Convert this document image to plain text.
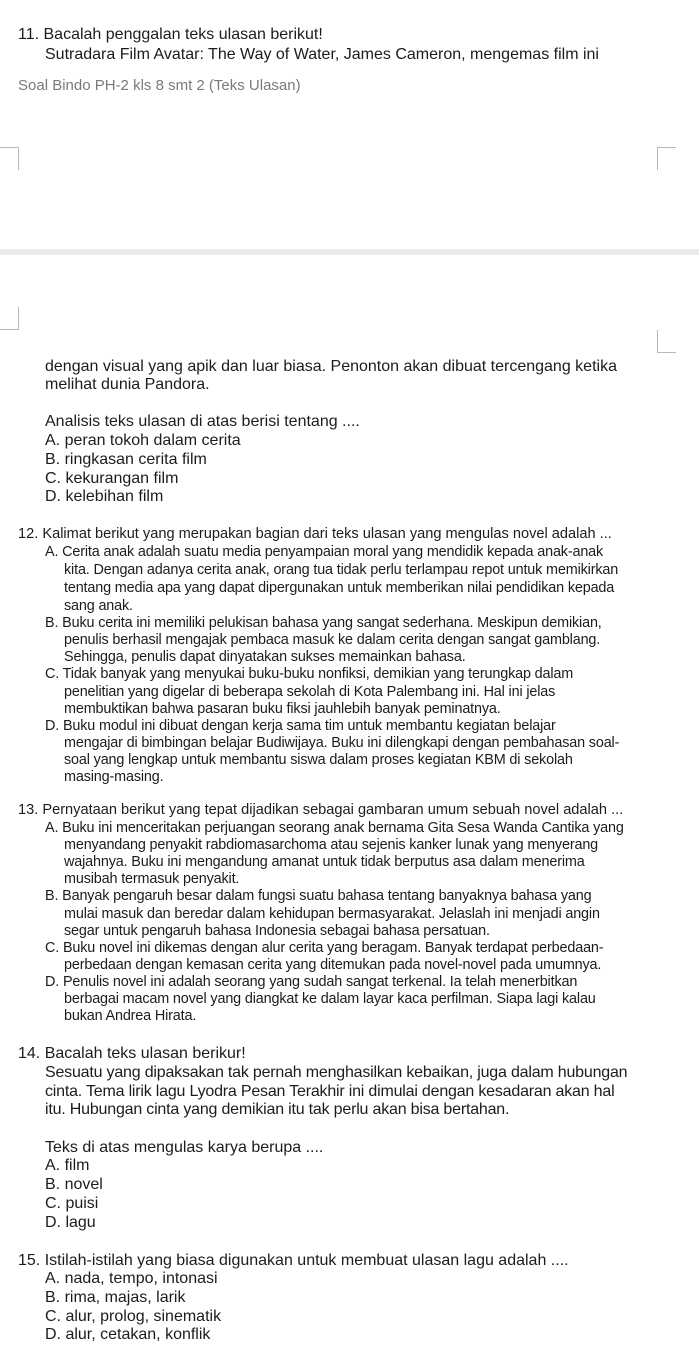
11. Bacalah penggalan teks ulasan berikut!
Sutradara Film Avatar: The Way of Water, James Cameron, mengemas film ini
Soal Bindo PH-2 kls 8 smt 2 (Teks Ulasan)
dengan visual yang apik dan luar biasa. Penonton akan dibuat tercengang ketika
melihat dunia Pandora.
Analisis teks ulasan di atas berisi tentang ....
A. peran tokoh dalam cerita
B. ringkasan cerita film
C. kekurangan film
D. kelebihan film
12. Kalimat berikut yang merupakan bagian dari teks ulasan yang mengulas novel adalah ...
A. Cerita anak adalah suatu media penyampaian moral yang mendidik kepada anak-anak
kita. Dengan adanya cerita anak, orang tua tidak perlu terlampau repot untuk memikirkan
tentang media apa yang dapat dipergunakan untuk memberikan nilai pendidikan kepada
sang anak.
B. Buku cerita ini memiliki pelukisan bahasa yang sangat sederhana. Meskipun demikian,
penulis berhasil mengajak pembaca masuk ke dalam cerita dengan sangat gamblang.
Sehingga, penulis dapat dinyatakan sukses memainkan bahasa.
C. Tidak banyak yang menyukai buku-buku nonfiksi, demikian yang terungkap dalam
penelitian yang digelar di beberapa sekolah di Kota Palembang ini. Hal ini jelas
membuktikan bahwa pasaran buku fiksi jauhlebih banyak peminatnya.
D. Buku modul ini dibuat dengan kerja sama tim untuk membantu kegiatan belajar
mengajar di bimbingan belajar Budiwijaya. Buku ini dilengkapi dengan pembahasan soal-
soal yang lengkap untuk membantu siswa dalam proses kegiatan KBM di sekolah
masing-masing.
13. Pernyataan berikut yang tepat dijadikan sebagai gambaran umum sebuah novel adalah ...
A. Buku ini menceritakan perjuangan seorang anak bernama Gita Sesa Wanda Cantika yang
menyandang penyakit rabdiomasarchoma atau sejenis kanker lunak yang menyerang
wajahnya. Buku ini mengandung amanat untuk tidak berputus asa dalam menerima
musibah termasuk penyakit.
B. Banyak pengaruh besar dalam fungsi suatu bahasa tentang banyaknya bahasa yang
mulai masuk dan beredar dalam kehidupan bermasyarakat. Jelaslah ini menjadi angin
segar untuk pengaruh bahasa Indonesia sebagai bahasa persatuan.
C. Buku novel ini dikemas dengan alur cerita yang beragam. Banyak terdapat perbedaan-
perbedaan dengan kemasan cerita yang ditemukan pada novel-novel pada umumnya.
D. Penulis novel ini adalah seorang yang sudah sangat terkenal. Ia telah menerbitkan
berbagai macam novel yang diangkat ke dalam layar kaca perfilman. Siapa lagi kalau
bukan Andrea Hirata.
14. Bacalah teks ulasan berikur!
Sesuatu yang dipaksakan tak pernah menghasilkan kebaikan, juga dalam hubungan
cinta. Tema lirik lagu Lyodra Pesan Terakhir ini dimulai dengan kesadaran akan hal
itu. Hubungan cinta yang demikian itu tak perlu akan bisa bertahan.
Teks di atas mengulas karya berupa ....
A. film
B. novel
C. puisi
D. lagu
15. Istilah-istilah yang biasa digunakan untuk membuat ulasan lagu adalah ....
A. nada, tempo, intonasi
B. rima, majas, larik
C. alur, prolog, sinematik
D. alur, cetakan, konflik
